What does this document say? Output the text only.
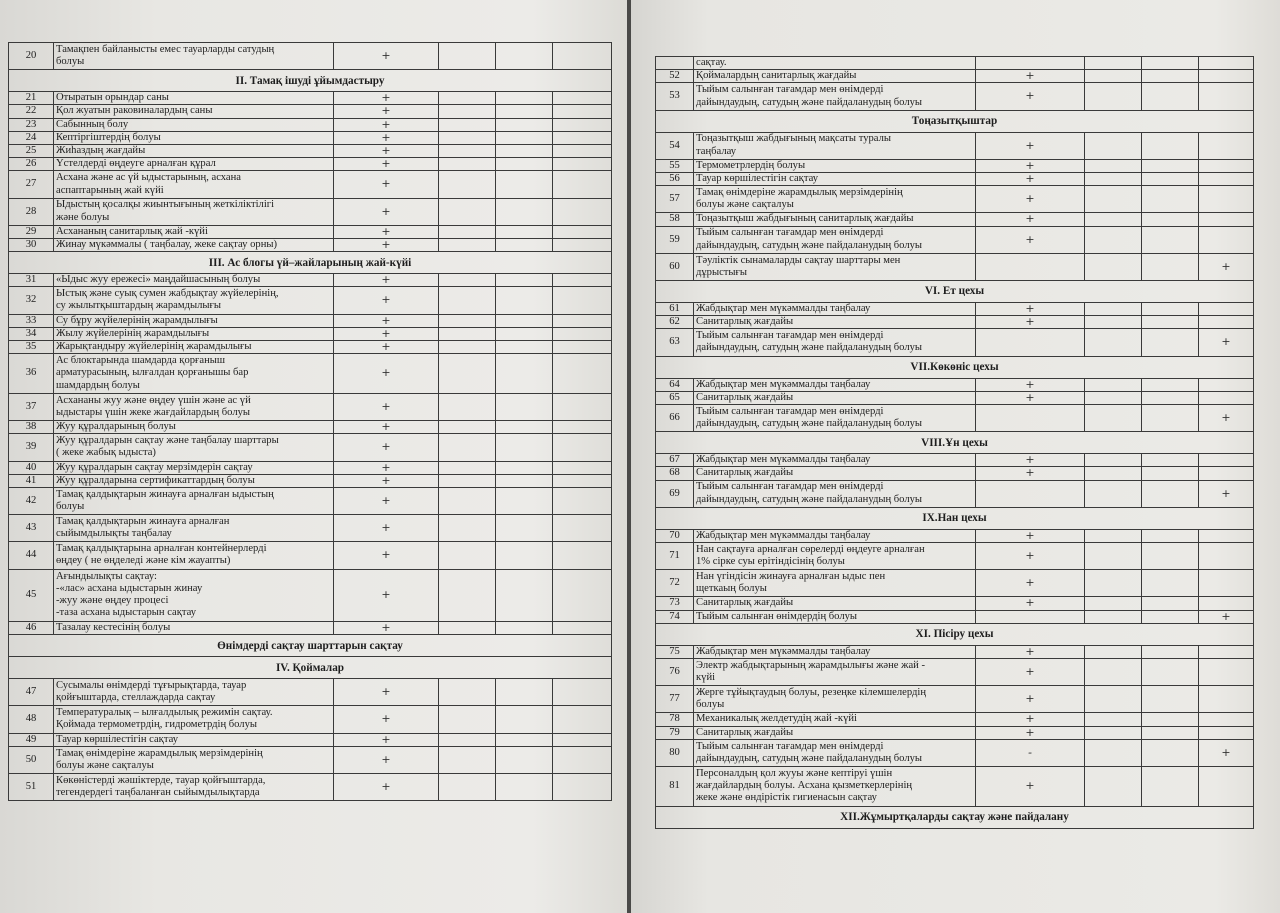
20	Тамақпен байланысты емес тауарларды сатудың
болуы	+			
II. Тамақ ішуді ұйымдастыру					
21	Отыратын орындар саны	+			
22	Қол жуатын раковиналардың саны	+			
23	Сабынның болу	+			
24	Кептіргіштердің болуы	+			
25	Жиһаздың жағдайы	+			
26	Үстелдерді өңдеуге арналған құрал	+			
27	Асхана және ас үй ыдыстарының, асхана
аспаптарының жай күйі	+			
28	Ыдыстың қосалқы жиынтығының жеткіліктілігі
және болуы	+			
29	Асхананың санитарлық жай -күйі	+			
30	Жинау мүкәммалы ( таңбалау, жеке сақтау орны)	+			
III. Ас блогы үй–жайларының жай-күйі					
31	«Ыдыс жуу ережесі» маңдайшасының болуы	+			
32	Ыстық және суық сумен жабдықтау жүйелерінің,
су жылытқыштардың жарамдылығы	+			
33	Су бұру жүйелерінің жарамдылығы	+			
34	Жылу жүйелерінің жарамдылығы	+			
35	Жарықтандыру жүйелерінің жарамдылығы	+			
36	Ас блоктарында шамдарда қорғаныш
арматурасының, ылғалдан қорғанышы бар
шамдардың болуы	+			
37	Асхананы жуу және өңдеу үшін және ас үй
ыдыстары үшін жеке жағдайлардың болуы	+			
38	Жуу құралдарының болуы	+			
39	Жуу құралдарын сақтау және таңбалау шарттары
( жеке жабық ыдыста)	+			
40	Жуу құралдарын сақтау мерзімдерін сақтау	+			
41	Жуу құралдарына сертификаттардың болуы	+			
42	Тамақ қалдықтарын жинауға арналған ыдыстың
болуы	+			
43	Тамақ қалдықтарын жинауға арналған
сыйымдылықты таңбалау	+			
44	Тамақ қалдықтарына арналған контейнерлерді
өңдеу ( не өңделеді және кім жауапты)	+			
45	Ағындылықты сақтау:
-«лас» асхана ыдыстарын жинау
-жуу және өңдеу процесі
-таза асхана ыдыстарын сақтау	+			
46	Тазалау кестесінің болуы	+			
Өнімдерді сақтау шарттарын сақтау					
IV. Қоймалар					
47	Сусымалы өнімдерді тұғырықтарда, тауар
қойғыштарда, стеллаждарда сақтау	+			
48	Температуралық – ылғалдылық режимін сақтау.
Қоймада термометрдің, гидрометрдің болуы	+			
49	Тауар көршілестігін сақтау	+			
50	Тамақ өнімдеріне жарамдылық мерзімдерінің
болуы және сақталуы	+			
51	Көкөністерді жәшіктерде, тауар қойғыштарда,
тегендердегі таңбаланған сыйымдылықтарда	+			
	сақтау.				
52	Қоймалардың санитарлық жағдайы	+			
53	Тыйым салынған тағамдар мен өнімдерді
дайындаудың, сатудың және пайдаланудың болуы	+			
Тоңазытқыштар					
54	Тоңазытқыш жабдығының мақсаты туралы
таңбалау	+			
55	Термометрлердің болуы	+			
56	Тауар көршілестігін сақтау	+			
57	Тамақ өнімдеріне жарамдылық мерзімдерінің
болуы және сақталуы	+			
58	Тоңазытқыш жабдығының санитарлық жағдайы	+			
59	Тыйым салынған тағамдар мен өнімдерді
дайындаудың, сатудың және пайдаланудың болуы	+			
60	Тәуліктік сынамаларды сақтау шарттары мен
дұрыстығы				+
VI. Ет цехы					
61	Жабдықтар мен мүкәммалды таңбалау	+			
62	Санитарлық жағдайы	+			
63	Тыйым салынған тағамдар мен өнімдерді
дайындаудың, сатудың және пайдаланудың болуы				+
VII.Көкөніс цехы					
64	Жабдықтар мен мүкәммалды таңбалау	+			
65	Санитарлық жағдайы	+			
66	Тыйым салынған тағамдар мен өнімдерді
дайындаудың, сатудың және пайдаланудың болуы				+
VIII.Ұн цехы					
67	Жабдықтар мен мүкәммалды таңбалау	+			
68	Санитарлық жағдайы	+			
69	Тыйым салынған тағамдар мен өнімдерді
дайындаудың, сатудың және пайдаланудың болуы				+
IX.Нан цехы					
70	Жабдықтар мен мүкәммалды таңбалау	+			
71	Нан сақтауға арналған сөрелерді өңдеуге арналған
1% сірке суы ерітіндісінің болуы	+			
72	Нан үгіндісін жинауға арналған ыдыс пен
щеткаың болуы	+			
73	Санитарлық жағдайы	+			
74	Тыйым салынған өнімдердің болуы				+
XI. Пісіру цехы					
75	Жабдықтар мен мүкәммалды таңбалау	+			
76	Электр жабдықтарының жарамдылығы және жай -
күйі	+			
77	Жерге тұйықтаудың болуы, резеңке кілемшелердің
болуы	+			
78	Механикалық желдетудің жай -күйі	+			
79	Санитарлық жағдайы	+			
80	Тыйым салынған тағамдар мен өнімдерді
дайындаудың, сатудың және пайдаланудың болуы	-			+
81	Персоналдың қол жууы және кептіруі үшін
жағдайлардың болуы. Асхана қызметкерлерінің
жеке және өндірістік гигиенасын сақтау	+			
XII.Жұмыртқаларды сақтау және пайдалану					
